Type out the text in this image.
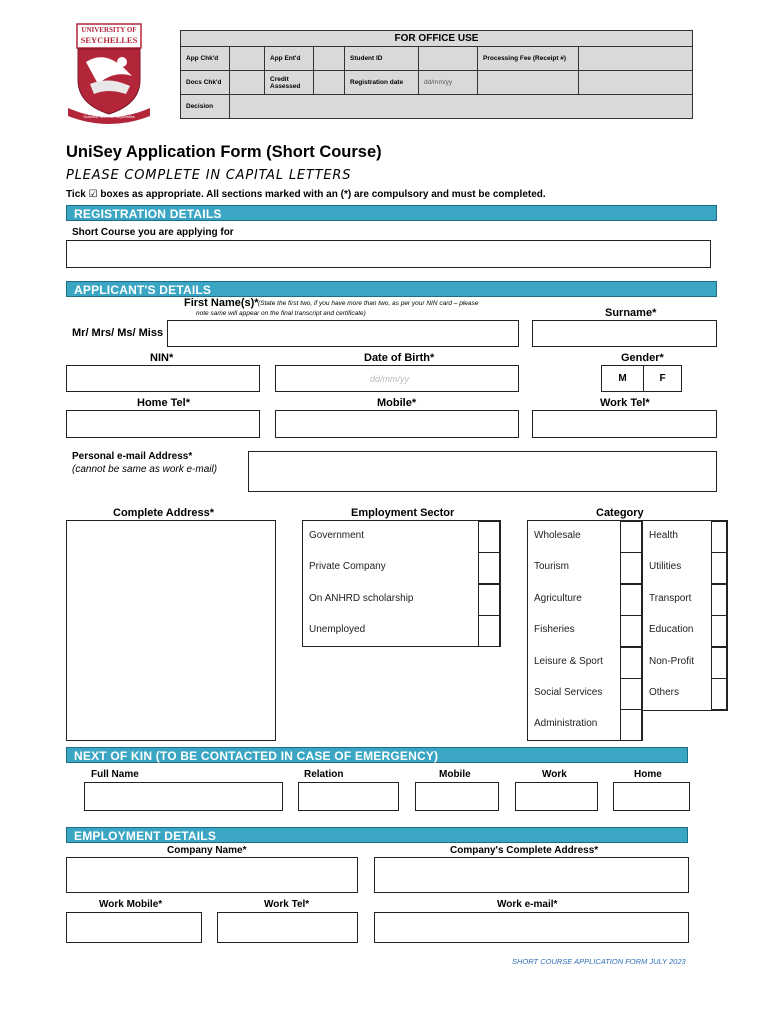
UNIVERSITY OF
SEYCHELLES
Scientia, Mors ad Seychelles
FOR OFFICE USE							
App Chk'd		App Ent'd		Student ID		Processing Fee (Receipt #)	
Docs Chk'd		Credit Assessed		Registration date	dd/mm/yy		
Decision							
UniSey Application Form (Short Course)
PLEASE COMPLETE IN CAPITAL LETTERS
Tick ☑ boxes as appropriate. All sections marked with an (*) are compulsory and must be completed.
REGISTRATION DETAILS
Short Course you are applying for
APPLICANT'S DETAILS
First Name(s)* (State the first two, if you have more than two, as per your NIN card – please note same will appear on the final transcript and certificate)	Surname*
Mr/ Mrs/ Ms/ Miss
NIN*	Date of Birth*	Gender*
dd/mm/yy	M	F
Home Tel*	Mobile*	Work Tel*
Personal e-mail Address*
(cannot be same as work e-mail)
Complete Address*	Employment Sector	Category
Government
Private Company
On ANHRD scholarship
Unemployed
Wholesale
Tourism
Agriculture
Fisheries
Leisure & Sport
Social Services
Administration
Health
Utilities
Transport
Education
Non-Profit
Others
NEXT OF KIN (TO BE CONTACTED IN CASE OF EMERGENCY)
Full Name	Relation	Mobile	Work	Home
EMPLOYMENT DETAILS
Company Name*	Company's Complete Address*
Work Mobile*	Work Tel*	Work e-mail*
SHORT COURSE APPLICATION FORM JULY 2023
